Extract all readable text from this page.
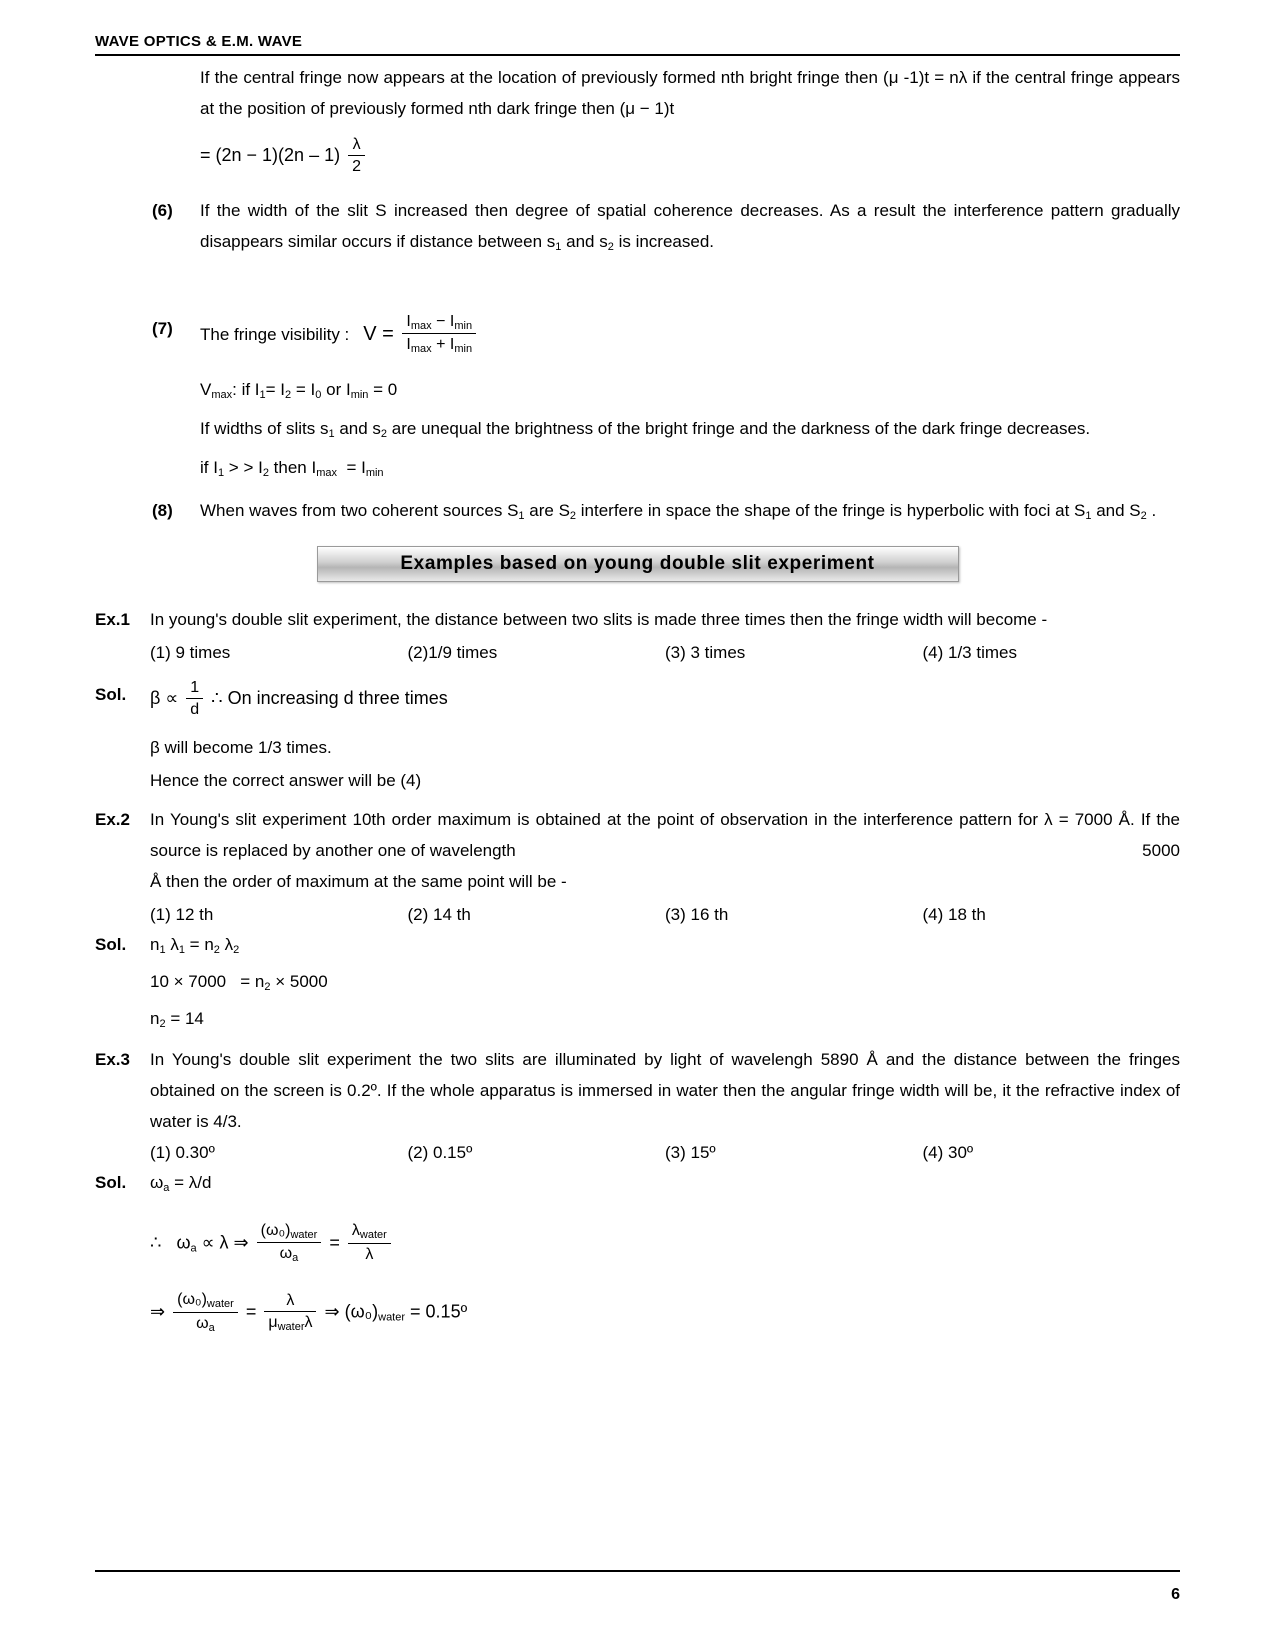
WAVE OPTICS & E.M. WAVE
If the central fringe now appears at the location of previously formed nth bright fringe then (μ -1)t = nλ if the central fringe appears at the position of previously formed nth dark fringe then (μ − 1)t
= $(2n - 1)(2n - 1) \frac{\lambda}{2}$
(6)	If the width of the slit S increased then degree of spatial coherence decreases. As a result the interference pattern gradually disappears similar occurs if distance between $s_1$ and $s_2$ is increased.
(7)	The fringe visibility : $V = \frac{I_{max} - I_{min}}{I_{max} + I_{min}}$
$V_{max}$: if $I_1= I_2 = I_0$ or $I_{min} = 0$
If widths of slits $s_1$ and $s_2$ are unequal the brightness of the bright fringe and the darkness of the dark fringe decreases.
if $I_1$ > > $I_2$ then $I_{max} = I_{min}$
(8)	When waves from two coherent sources $S_1$ are $S_2$ interfere in space the shape of the fringe is hyperbolic with foci at $S_1$ and $S_2$ .
Examples based on young double slit experiment
Ex.1	In young's double slit experiment, the distance between two slits is made three times then the fringe width will become -
(1) 9 times	(2)1/9 times	(3) 3 times	(4) 1/3 times
Sol.	$\beta \propto \frac{1}{d}$ ∴ On increasing d three times
β will become 1/3 times.
Hence the correct answer will be (4)
Ex.2	In Young's slit experiment 10th order maximum is obtained at the point of observation in the interference pattern for λ = 7000 Å. If the source is replaced by another one of wavelength	5000
Å then the order of maximum at the same point will be -
(1) 12 th	(2) 14 th	(3) 16 th	(4) 18 th
Sol.	$n_1$ $\lambda_1 = n_2$ $\lambda_2$
$10 \times 7000 = n_2 \times 5000$
$n_2 = 14$
Ex.3	In Young's double slit experiment the two slits are illuminated by light of wavelengh 5890 Å and the distance between the fringes obtained on the screen is 0.2º. If the whole apparatus is immersed in water then the angular fringe width will be, it the refractive index of water is 4/3.
(1) 0.30º	(2) 0.15º	(3) 15º	(4) 30º
Sol.	$\omega_a = \lambda/d$
∴ $\omega_a \propto \lambda$ ⇒ $\frac{(\omega_0)_{water}}{\omega_a} = \frac{\lambda_{water}}{\lambda}$
⇒ $\frac{(\omega_0)_{water}}{\omega_a} = \frac{\lambda}{\mu_{water}\lambda}$ ⇒ $(\omega_0)_{water}$ = 0.15º
6
